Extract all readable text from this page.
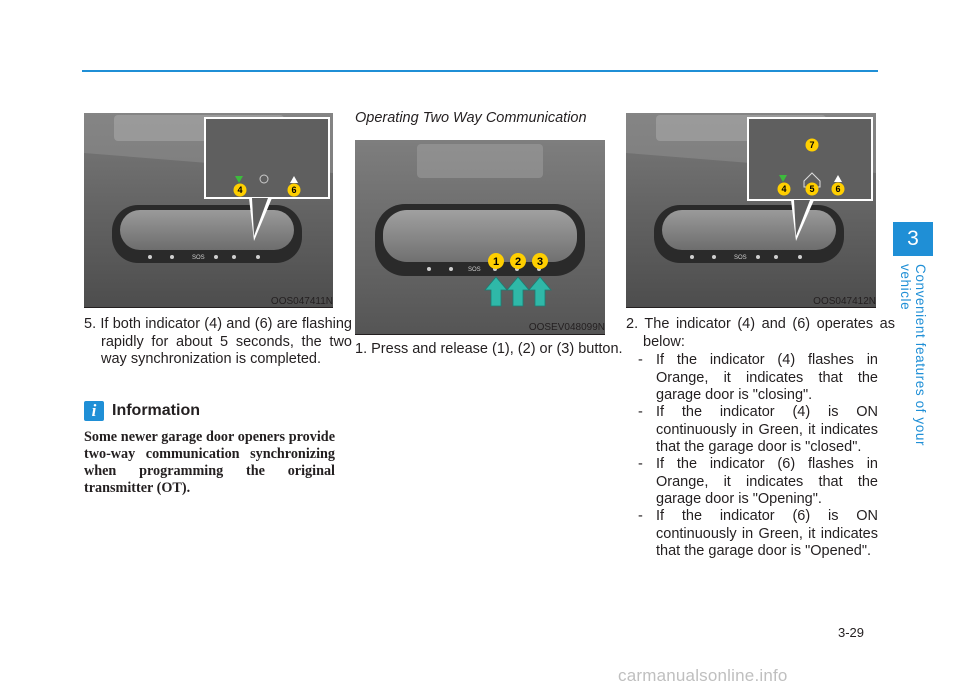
3
Convenient features of your vehicle
SOS
4	6
OOS047411N
5. If both indicator (4) and (6) are flashing rapidly for about 5 seconds, the two way synchronization is completed.
i Information
Some newer garage door openers provide two-way communication synchronizing when programming the original transmitter (OT).
Operating Two Way Communication
SOS
1 2 3
OOSEV048099N
1. Press and release (1), (2) or (3) button.
SOS
7
4	5 6
OOS047412N
2. The indicator (4) and (6) operates as below:
- If the indicator (4) flashes in Orange, it indicates that the garage door is "closing".
- If the indicator (4) is ON continuously in Green, it indicates that the garage door is "closed".
- If the indicator (6) flashes in Orange, it indicates that the garage door is "Opening".
- If the indicator (6) is ON continuously in Green, it indicates that the garage door is "Opened".
3-29
carmanualsonline.info
